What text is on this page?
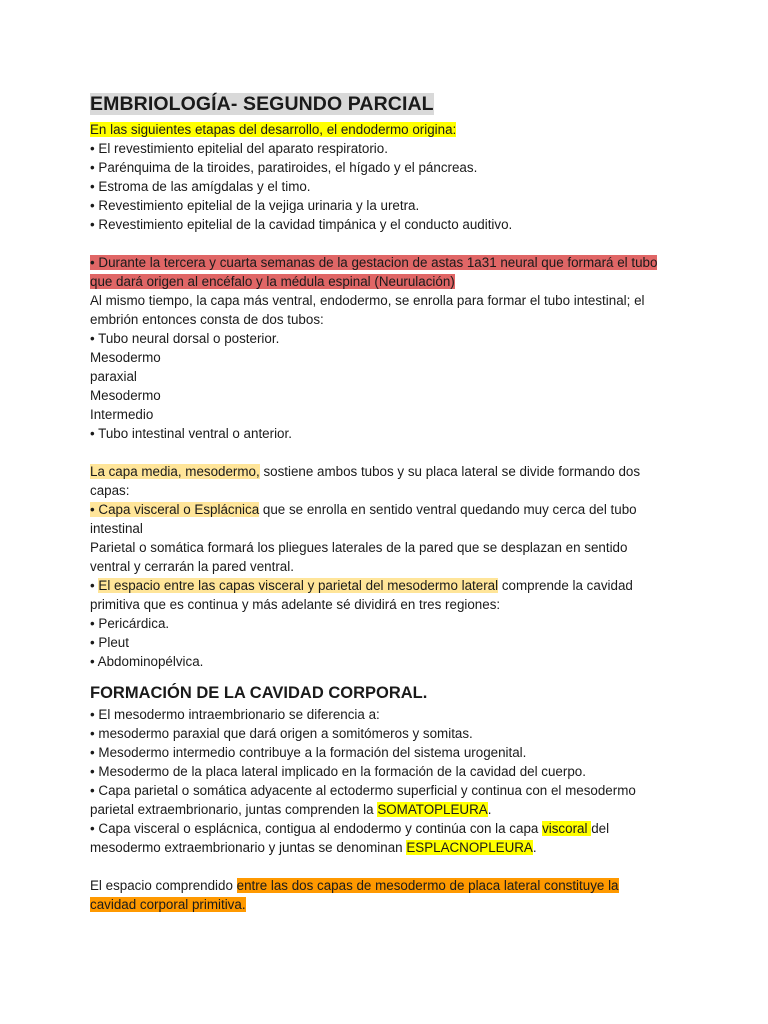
EMBRIOLOGÍA- SEGUNDO PARCIAL
En las siguientes etapas del desarrollo, el endodermo origina:
• El revestimiento epitelial del aparato respiratorio.
• Parénquima de la tiroides, paratiroides, el hígado y el páncreas.
• Estroma de las amígdalas y el timo.
• Revestimiento epitelial de la vejiga urinaria y la uretra.
• Revestimiento epitelial de la cavidad timpánica y el conducto auditivo.
• Durante la tercera y cuarta semanas de la gestacion de astas 1a31 neural que formará el tubo
que dará origen al encéfalo y la médula espinal (Neurulación)
Al mismo tiempo, la capa más ventral, endodermo, se enrolla para formar el tubo intestinal; el
embrión entonces consta de dos tubos:
• Tubo neural dorsal o posterior.
Mesodermo
paraxial
Mesodermo
Intermedio
• Tubo intestinal ventral o anterior.
La capa media, mesodermo, sostiene ambos tubos y su placa lateral se divide formando dos
capas:
• Capa visceral o Esplácnica que se enrolla en sentido ventral quedando muy cerca del tubo
intestinal
Parietal o somática formará los pliegues laterales de la pared que se desplazan en sentido
ventral y cerrarán la pared ventral.
• El espacio entre las capas visceral y parietal del mesodermo lateral comprende la cavidad
primitiva que es continua y más adelante sé dividirá en tres regiones:
• Pericárdica.
• Pleut
• Abdominopélvica.
FORMACIÓN DE LA CAVIDAD CORPORAL.
• El mesodermo intraembrionario se diferencia a:
• mesodermo paraxial que dará origen a somitómeros y somitas.
• Mesodermo intermedio contribuye a la formación del sistema urogenital.
• Mesodermo de la placa lateral implicado en la formación de la cavidad del cuerpo.
• Capa parietal o somática adyacente al ectodermo superficial y continua con el mesodermo
parietal extraembrionario, juntas comprenden la SOMATOPLEURA.
• Capa visceral o esplácnica, contigua al endodermo y continúa con la capa viscoral del
mesodermo extraembrionario y juntas se denominan ESPLACNOPLEURA.
El espacio comprendido entre las dos capas de mesodermo de placa lateral constituye la
cavidad corporal primitiva.
